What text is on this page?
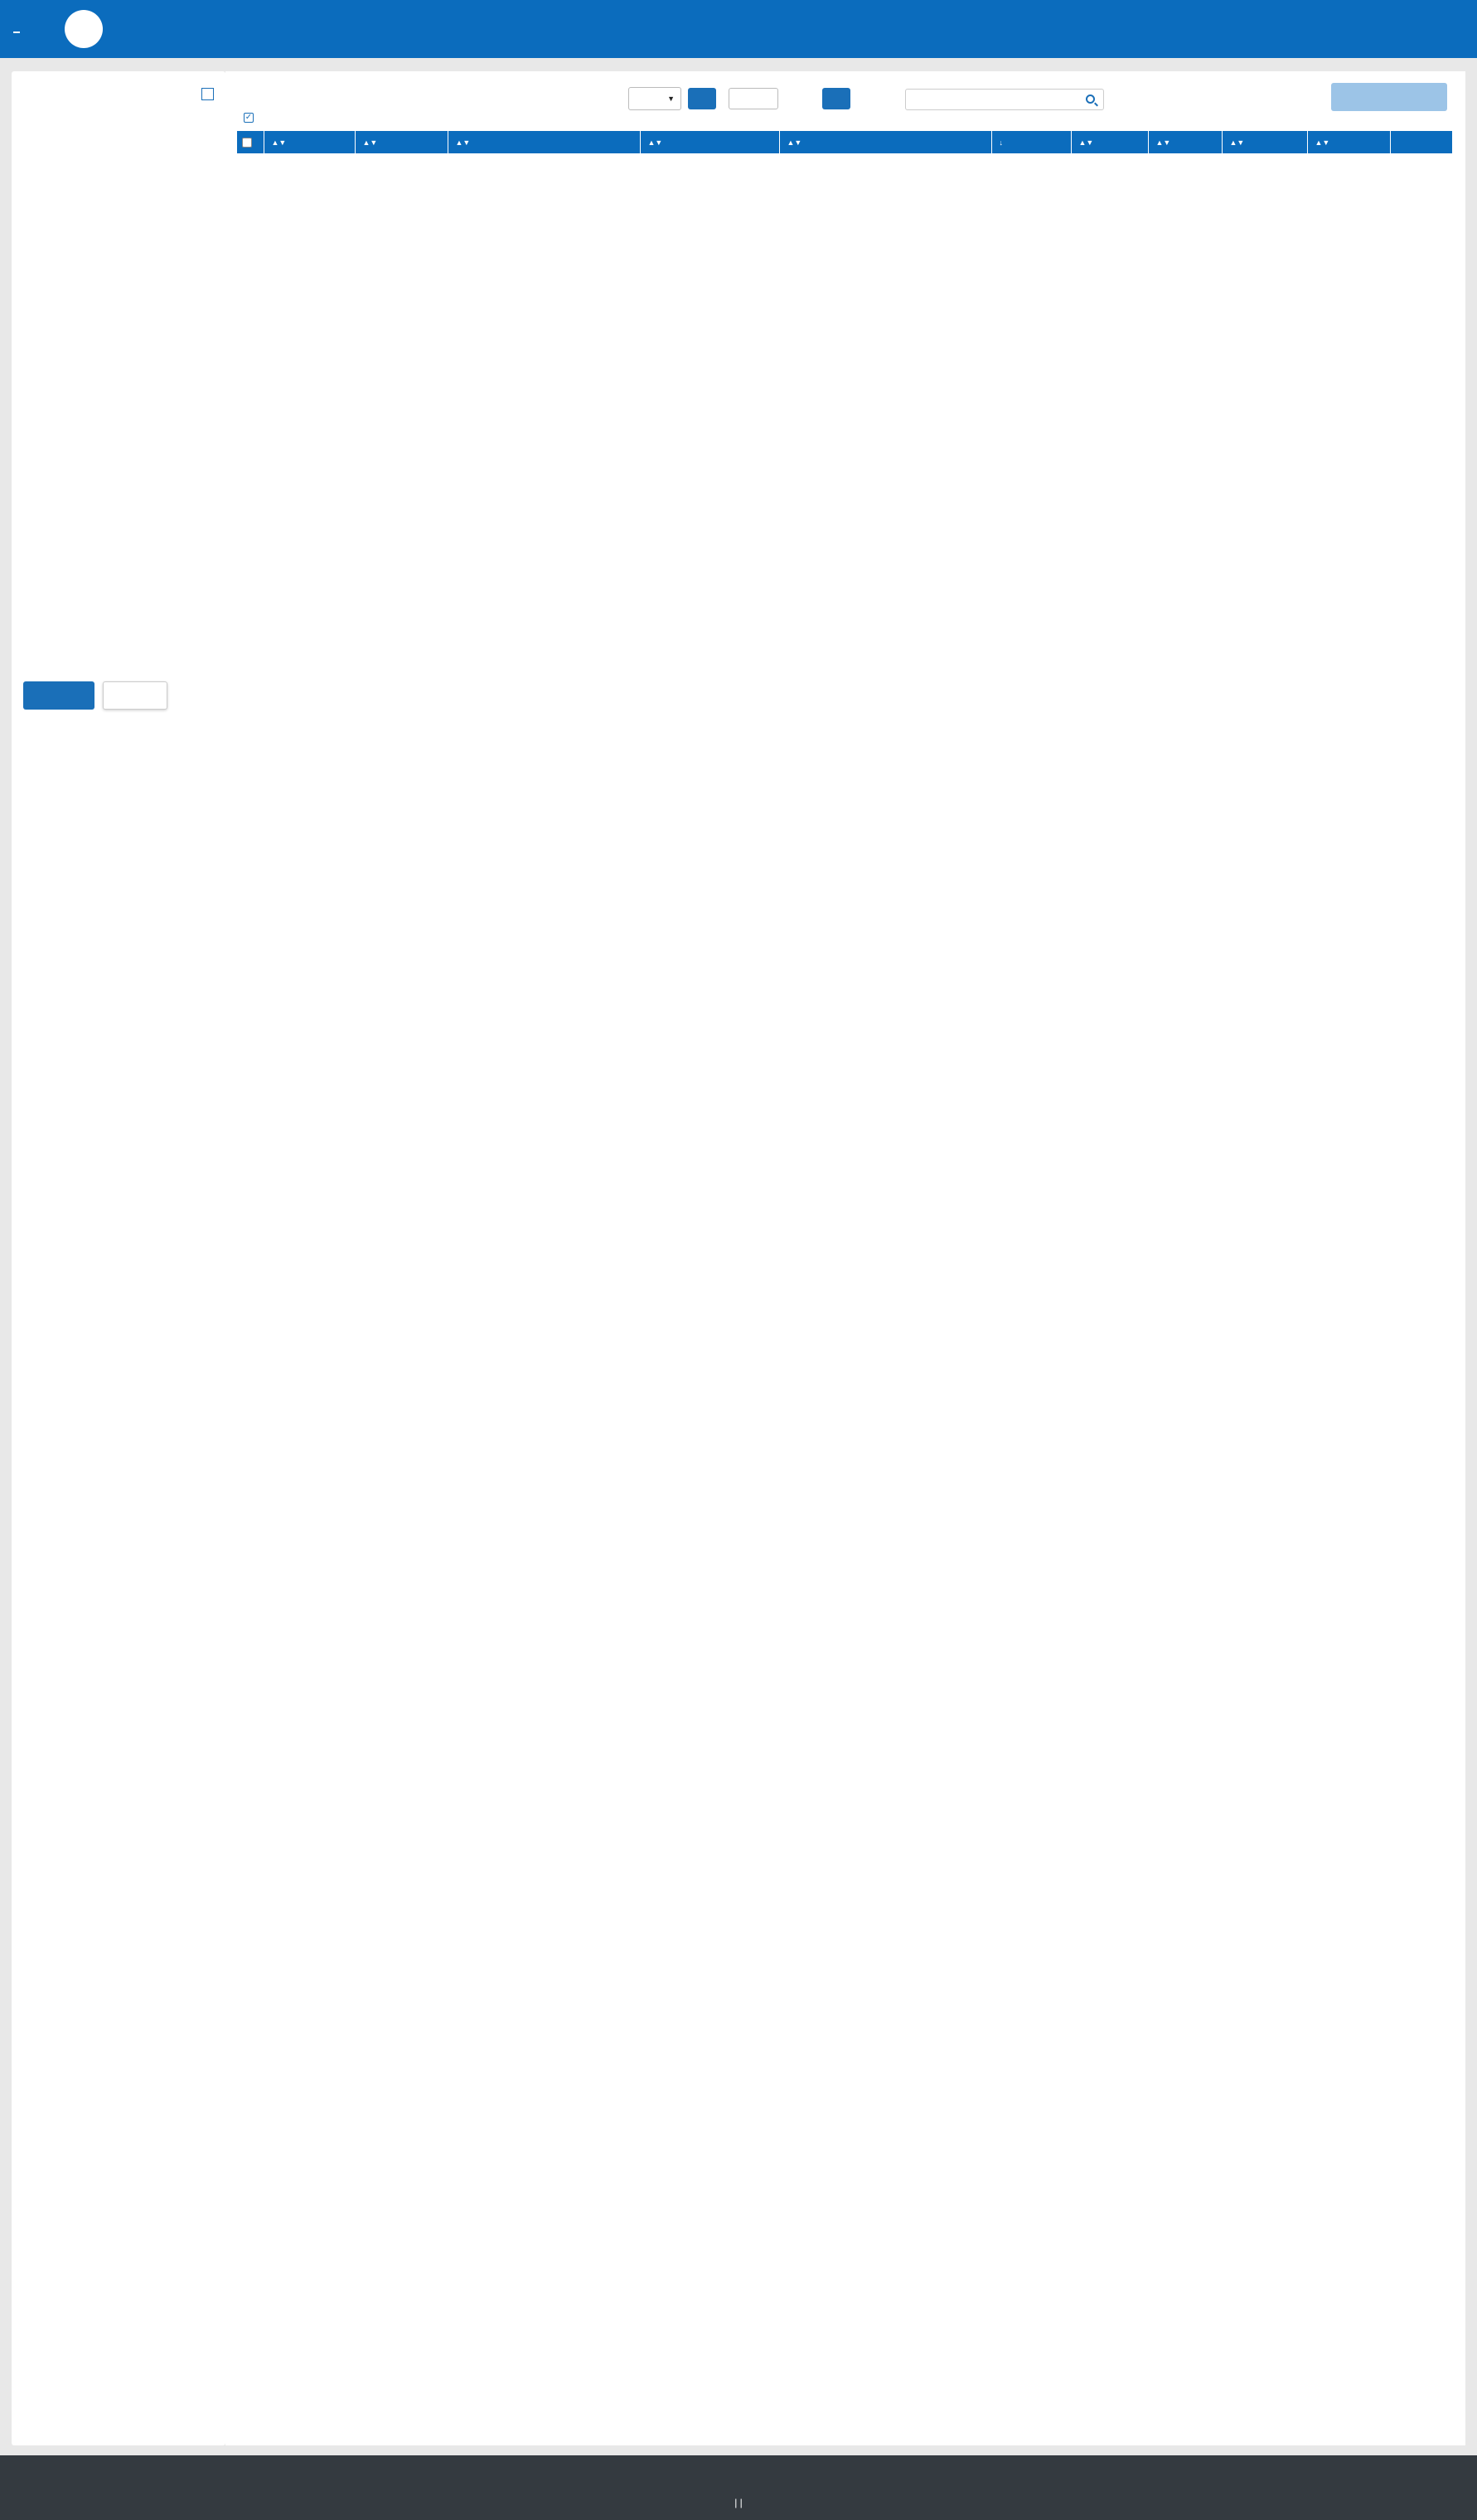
✓
▼
	▲▼	▲▼	▲▼	▲▼	▲▼	↓	▲▼	▲▼	▲▼	▲▼	
| |
